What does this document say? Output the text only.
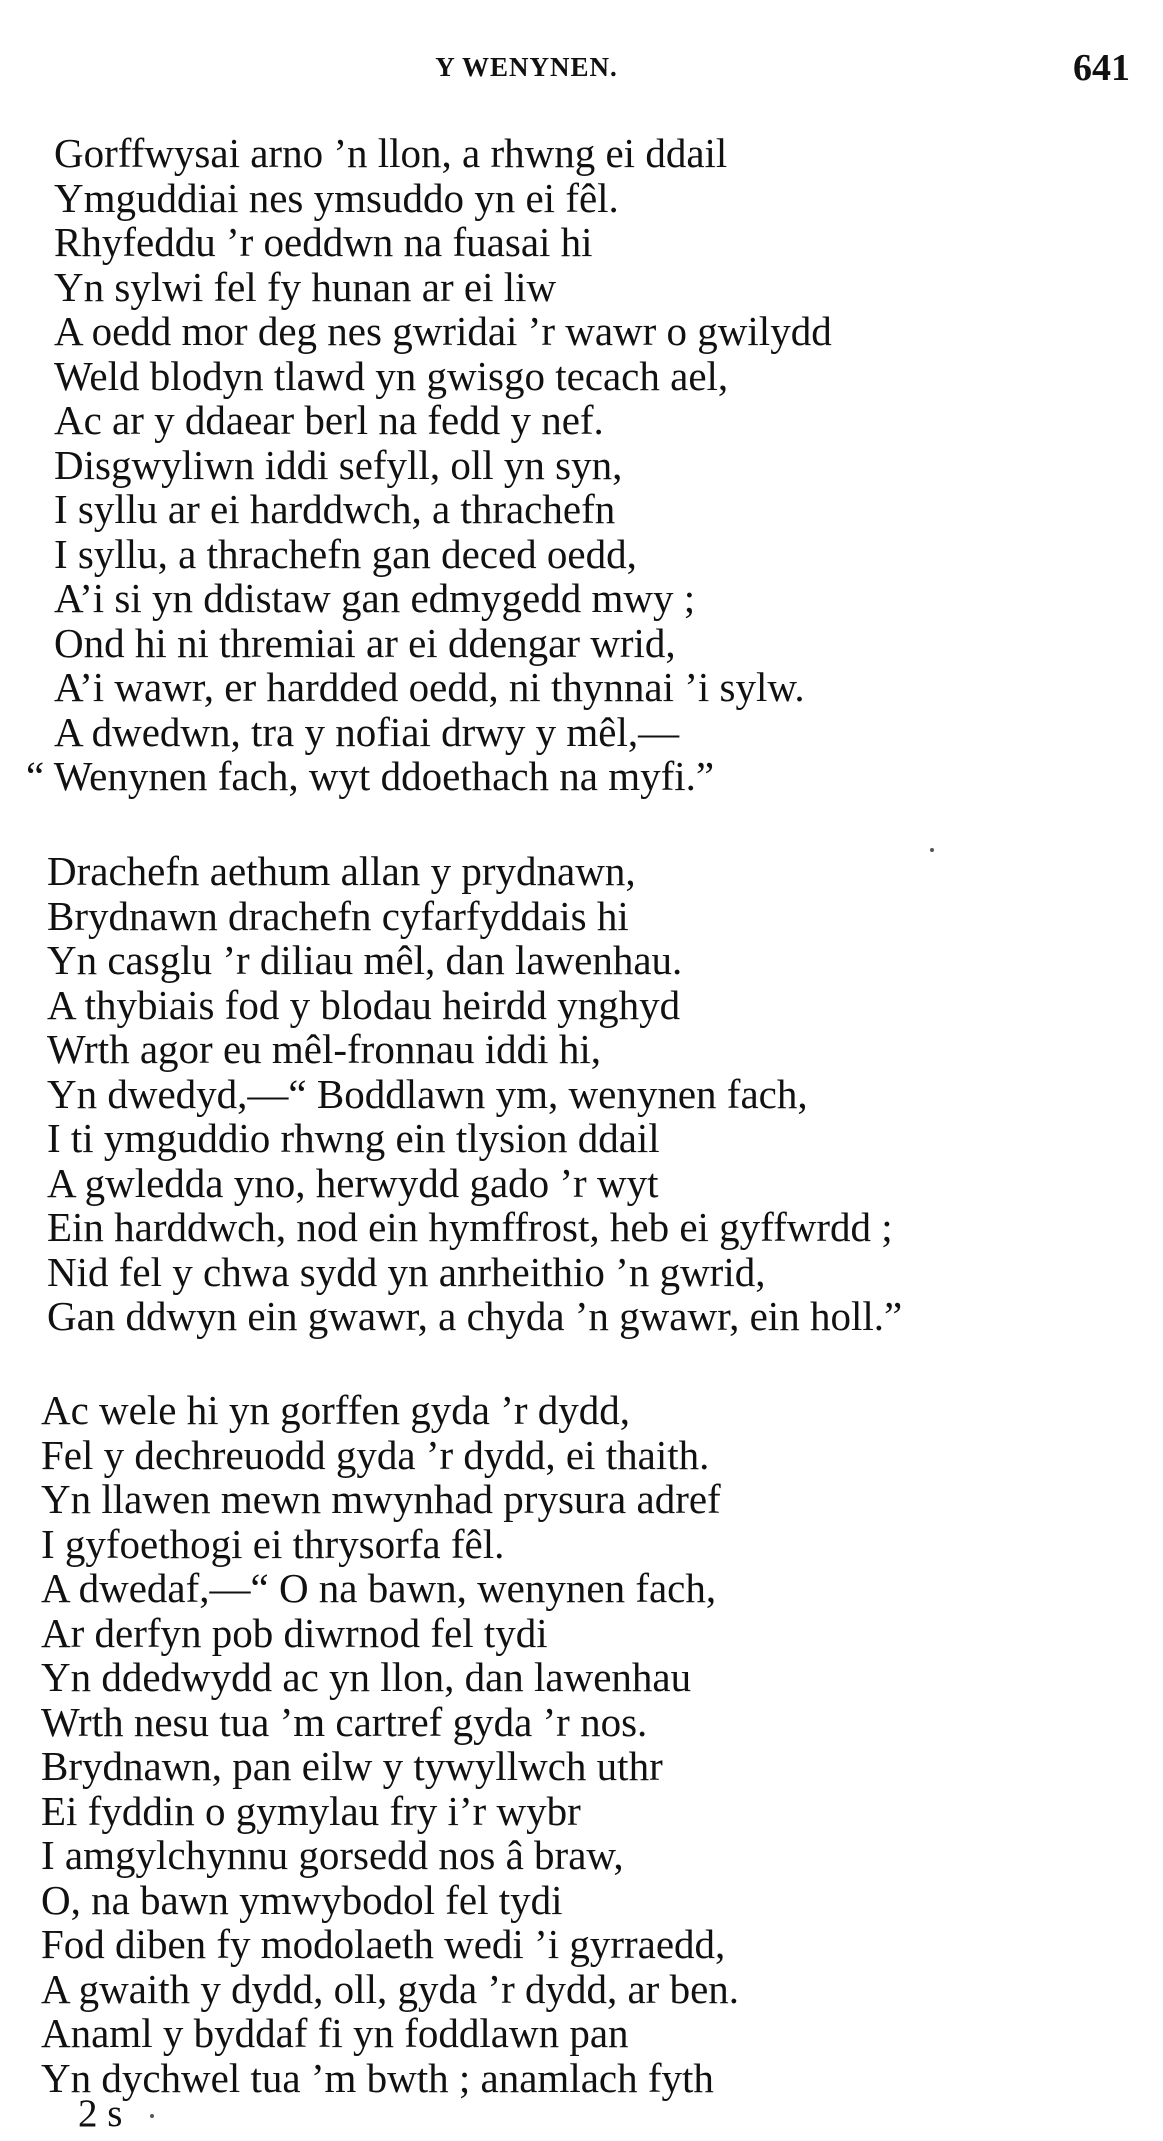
Y WENYNEN.	641
Gorffwysai arno ’n llon, a rhwng ei ddail
Ymguddiai nes ymsuddo yn ei fêl.
Rhyfeddu ’r oeddwn na fuasai hi
Yn sylwi fel fy hunan ar ei liw
A oedd mor deg nes gwridai ’r wawr o gwilydd
Weld blodyn tlawd yn gwisgo tecach ael,
Ac ar y ddaear berl na fedd y nef.
Disgwyliwn iddi sefyll, oll yn syn,
I syllu ar ei harddwch, a thrachefn
I syllu, a thrachefn gan deced oedd,
A’i si yn ddistaw gan edmygedd mwy ;
Ond hi ni thremiai ar ei ddengar wrid,
A’i wawr, er hardded oedd, ni thynnai ’i sylw.
A dwedwn, tra y nofiai drwy y mêl,—
“ Wenynen fach, wyt ddoethach na myfi.”
Drachefn aethum allan y prydnawn,
Brydnawn drachefn cyfarfyddais hi
Yn casglu ’r diliau mêl, dan lawenhau.
A thybiais fod y blodau heirdd ynghyd
Wrth agor eu mêl-fronnau iddi hi,
Yn dwedyd,—“ Boddlawn ym, wenynen fach,
I ti ymguddio rhwng ein tlysion ddail
A gwledda yno, herwydd gado ’r wyt
Ein harddwch, nod ein hymffrost, heb ei gyffwrdd ;
Nid fel y chwa sydd yn anrheithio ’n gwrid,
Gan ddwyn ein gwawr, a chyda ’n gwawr, ein holl.”
Ac wele hi yn gorffen gyda ’r dydd,
Fel y dechreuodd gyda ’r dydd, ei thaith.
Yn llawen mewn mwynhad prysura adref
I gyfoethogi ei thrysorfa fêl.
A dwedaf,—“ O na bawn, wenynen fach,
Ar derfyn pob diwrnod fel tydi
Yn ddedwydd ac yn llon, dan lawenhau
Wrth nesu tua ’m cartref gyda ’r nos.
Brydnawn, pan eilw y tywyllwch uthr
Ei fyddin o gymylau fry i’r wybr
I amgylchynnu gorsedd nos â braw,
O, na bawn ymwybodol fel tydi
Fod diben fy modolaeth wedi ’i gyrraedd,
A gwaith y dydd, oll, gyda ’r dydd, ar ben.
Anaml y byddaf fi yn foddlawn pan
Yn dychwel tua ’m bwth ; anamlach fyth
2 s
